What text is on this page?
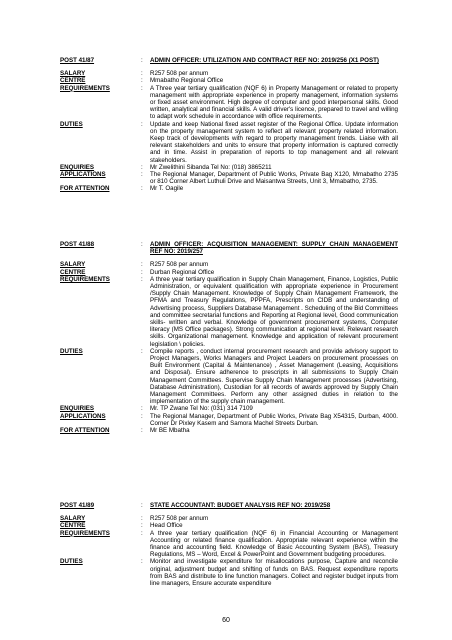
POST 41/87	:	ADMIN OFFICER: UTILIZATION AND CONTRACT REF NO: 2019/256 (X1 POST)
SALARY	:	R257 508 per annum
CENTRE	:	Mmabatho Regional Office
REQUIREMENTS	:	A Three year tertiary qualification (NQF 6) in Property Management or related to property management with appropriate experience in property management, information systems or fixed asset environment. High degree of computer and good interpersonal skills. Good written, analytical and financial skills. A valid driver's licence, prepared to travel and willing to adapt work schedule in accordance with office requirements.
DUTIES	:	Update and keep National fixed asset register of the Regional Office. Update information on the property management system to reflect all relevant property related information. Keep track of developments with regard to property management trends. Liaise with all relevant stakeholders and units to ensure that property information is captured correctly and in time. Assist in preparation of reports to top management and all relevant stakeholders.
ENQUIRIES	:	Mr Zwelithini Sibanda Tel No: (018) 3865211
APPLICATIONS	:	The Regional Manager, Department of Public Works, Private Bag X120, Mmabatho 2735 or 810 Corner Albert Luthuli Drive and Maisantwa Streets, Unit 3, Mmabatho, 2735.
FOR ATTENTION	:	Mr T. Oagile
POST 41/88	:	ADMIN OFFICER: ACQUISITION MANAGEMENT: SUPPLY CHAIN MANAGEMENT REF NO: 2019/257
SALARY	:	R257 508 per annum
CENTRE	:	Durban Regional Office
REQUIREMENTS	:	A three year tertiary qualification in Supply Chain Management, Finance, Logistics, Public Administration, or equivalent qualification with appropriate experience in Procurement /Supply Chain Management. Knowledge of Supply Chain Management Framework, the PFMA and Treasury Regulations, PPPFA, Prescripts on CIDB and understanding of Advertising process, Suppliers Database Management . Scheduling of the Bid Committees and committee secretarial functions and Reporting at Regional level, Good communication skills- written and verbal. Knowledge of government procurement systems, Computer literacy (MS Office packages). Strong communication at regional level. Relevant research skills. Organizational management. Knowledge and application of relevant procurement legislation \ policies.
DUTIES	:	Compile reports , conduct internal procurement research and provide advisory support to Project Managers, Works Managers and Project Leaders on procurement processes on Built Environment (Capital & Maintenance) , Asset Management (Leasing, Acquisitions and Disposal). Ensure adherence to prescripts in all submissions to Supply Chain Management Committees. Supervise Supply Chain Management processes (Advertising, Database Administration), Custodian for all records of awards approved by Supply Chain Management Committees. Perform any other assigned duties in relation to the implementation of the supply chain management.
ENQUIRIES	:	Mr. TP Zwane Tel No: (031) 314 7109
APPLICATIONS	:	The Regional Manager, Department of Public Works, Private Bag X54315, Durban, 4000. Corner Dr Pixley Kasem and Samora Machel Streets Durban.
FOR ATTENTION	:	Mr BE Mbatha
POST 41/89	:	STATE ACCOUNTANT: BUDGET ANALYSIS REF NO: 2019/258
SALARY	:	R257 508 per annum
CENTRE	:	Head Office
REQUIREMENTS	:	A three year tertiary qualification (NQF 6) in Financial Accounting or Management Accounting or related finance qualification. Appropriate relevant experience within the finance and accounting field. Knowledge of Basic Accounting System (BAS), Treasury Regulations, MS – Word, Excel & PowerPoint and Government budgeting procedures.
DUTIES	:	Monitor and investigate expenditure for misallocations purpose, Capture and reconcile original, adjustment budget and shifting of funds on BAS. Request expenditure reports from BAS and distribute to line function managers. Collect and register budget inputs from line managers, Ensure accurate expenditure
60
